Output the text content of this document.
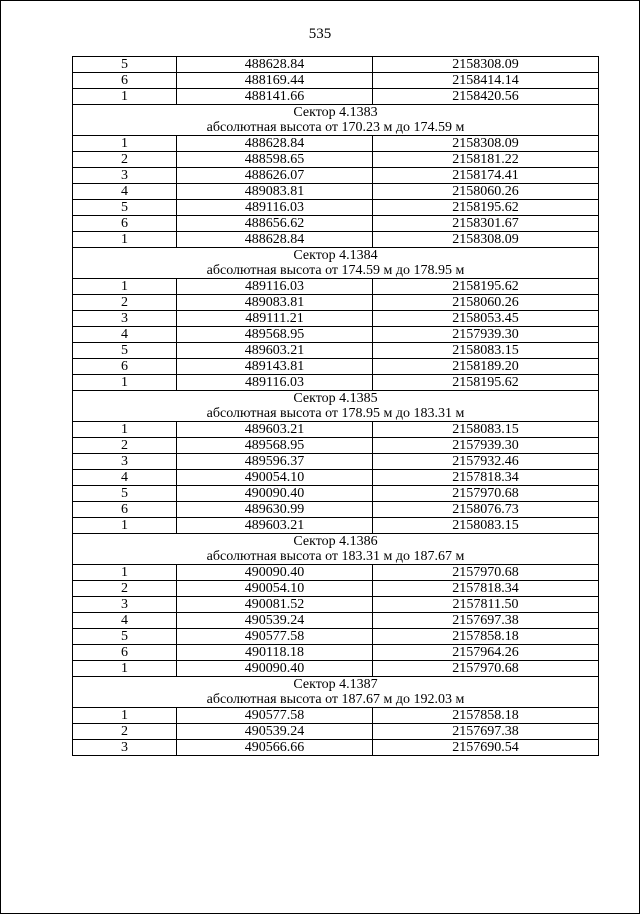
535
5	488628.84	2158308.09
6	488169.44	2158414.14
1	488141.66	2158420.56
Сектор 4.1383		
абсолютная высота от 170.23 м до 174.59 м		
1	488628.84	2158308.09
2	488598.65	2158181.22
3	488626.07	2158174.41
4	489083.81	2158060.26
5	489116.03	2158195.62
6	488656.62	2158301.67
1	488628.84	2158308.09
Сектор 4.1384		
абсолютная высота от 174.59 м до 178.95 м		
1	489116.03	2158195.62
2	489083.81	2158060.26
3	489111.21	2158053.45
4	489568.95	2157939.30
5	489603.21	2158083.15
6	489143.81	2158189.20
1	489116.03	2158195.62
Сектор 4.1385		
абсолютная высота от 178.95 м до 183.31 м		
1	489603.21	2158083.15
2	489568.95	2157939.30
3	489596.37	2157932.46
4	490054.10	2157818.34
5	490090.40	2157970.68
6	489630.99	2158076.73
1	489603.21	2158083.15
Сектор 4.1386		
абсолютная высота от 183.31 м до 187.67 м		
1	490090.40	2157970.68
2	490054.10	2157818.34
3	490081.52	2157811.50
4	490539.24	2157697.38
5	490577.58	2157858.18
6	490118.18	2157964.26
1	490090.40	2157970.68
Сектор 4.1387		
абсолютная высота от 187.67 м до 192.03 м		
1	490577.58	2157858.18
2	490539.24	2157697.38
3	490566.66	2157690.54
